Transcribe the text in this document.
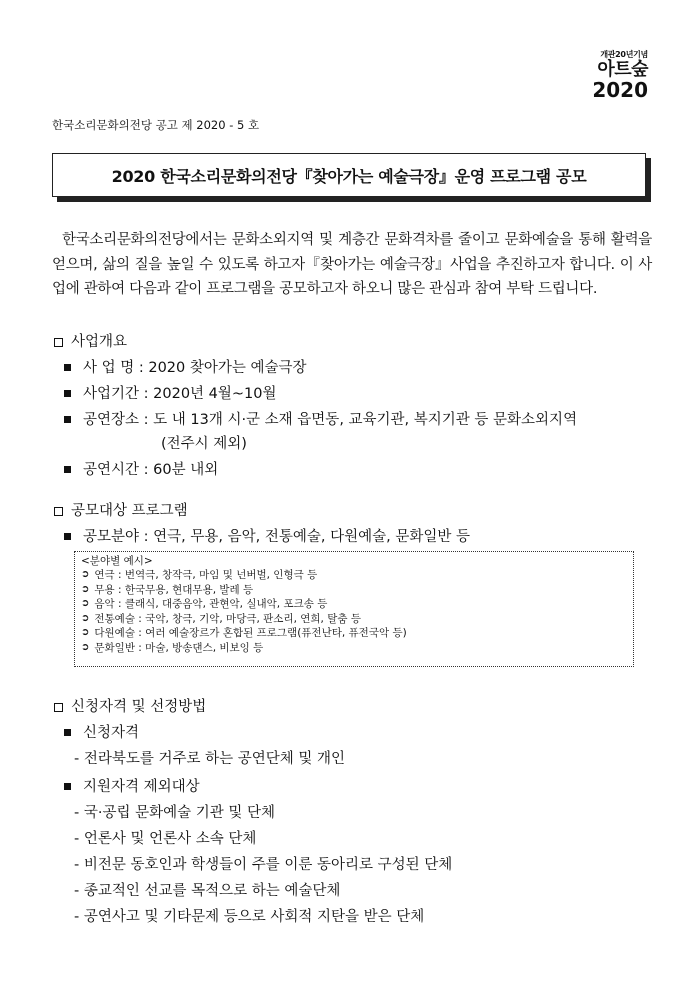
개관20년기념
아트숲
2020
한국소리문화의전당 공고 제 2020 - 5 호
2020 한국소리문화의전당『찾아가는 예술극장』운영 프로그램 공모

한국소리문화의전당에서는 문화소외지역 및 계층간 문화격차를 줄이고 문화예술을 통해 활력을 얻으며, 삶의 질을 높일 수 있도록 하고자『찾아가는 예술극장』사업을 추진하고자 합니다. 이 사업에 관하여 다음과 같이 프로그램을 공모하고자 하오니 많은 관심과 참여 부탁 드립니다.

사업개요
사 업 명 : 2020 찾아가는 예술극장
사업기간 : 2020년 4월~10월
공연장소 : 도 내 13개 시·군 소재 읍면동, 교육기관, 복지기관 등 문화소외지역
(전주시 제외)
공연시간 : 60분 내외
공모대상 프로그램
공모분야 : 연극, 무용, 음악, 전통예술, 다원예술, 문화일반 등
<분야별 예시>
➲ 연극 : 번역극, 창작극, 마임 및 넌버벌, 인형극 등
➲ 무용 : 한국무용, 현대무용, 발레 등
➲ 음악 : 클래식, 대중음악, 관현악, 실내악, 포크송 등
➲ 전통예술 : 국악, 창극, 기악, 마당극, 판소리, 연희, 탈춤 등
➲ 다원예술 : 여러 예술장르가 혼합된 프로그램(퓨전난타, 퓨전국악 등)
➲ 문화일반 : 마술, 방송댄스, 비보잉 등
신청자격 및 선정방법
신청자격
- 전라북도를 거주로 하는 공연단체 및 개인
지원자격 제외대상
- 국·공립 문화예술 기관 및 단체
- 언론사 및 언론사 소속 단체
- 비전문 동호인과 학생들이 주를 이룬 동아리로 구성된 단체
- 종교적인 선교를 목적으로 하는 예술단체
- 공연사고 및 기타문제 등으로 사회적 지탄을 받은 단체
